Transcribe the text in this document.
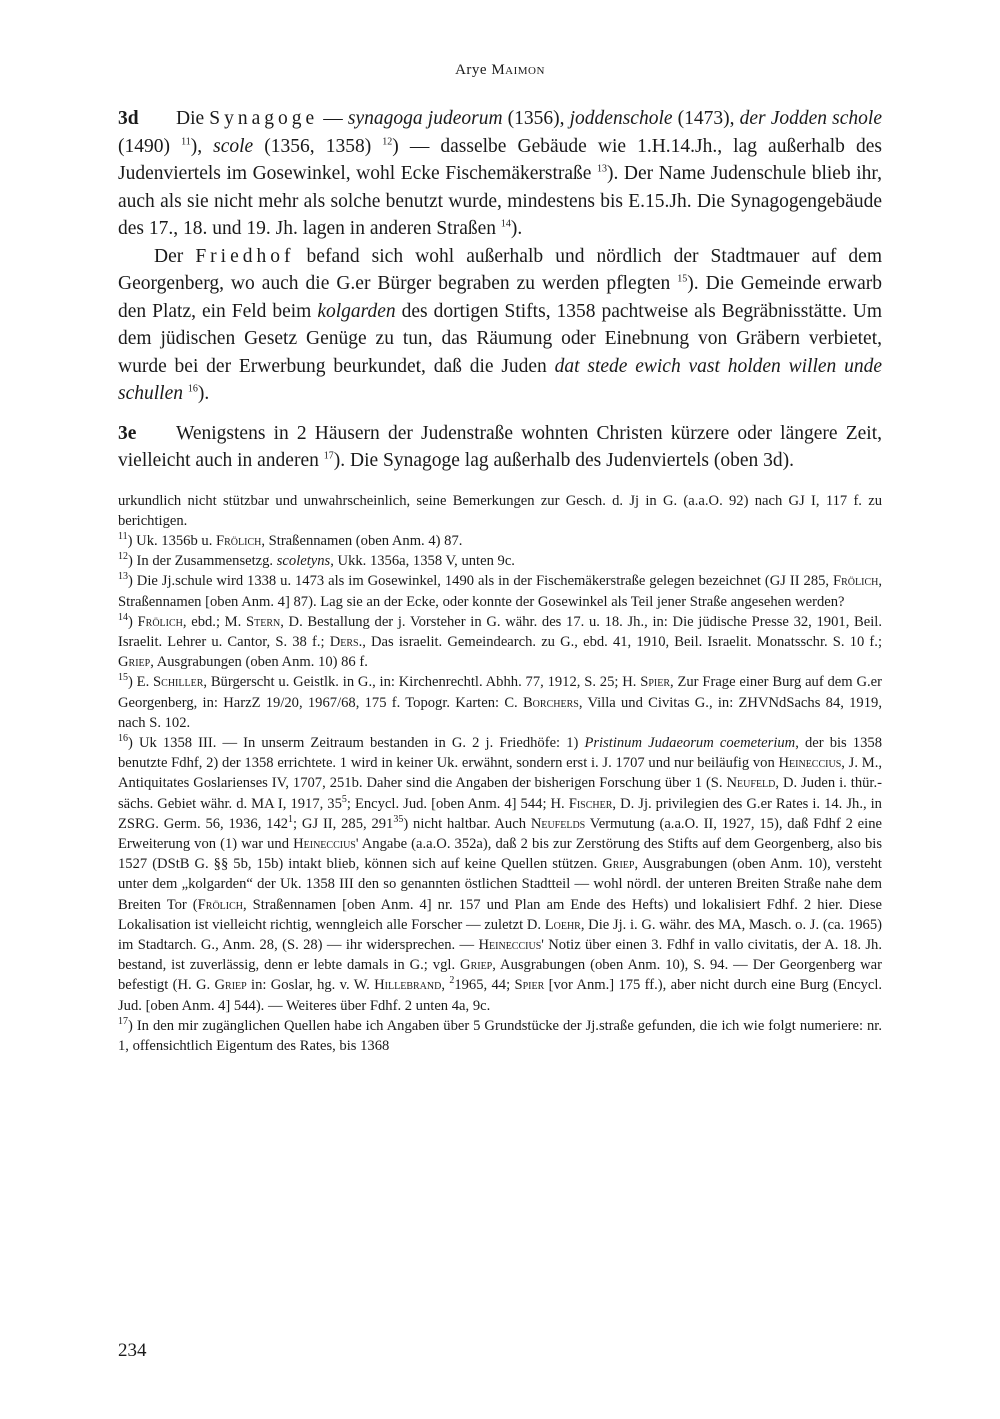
Arye Maimon

3d Die Synagoge — synagoga judeorum (1356), joddenschole (1473), der Jodden schole (1490) $^{11}$), scole (1356, 1358) $^{12}$) — dasselbe Gebäude wie 1.H.14.Jh., lag außerhalb des Judenviertels im Gosewinkel, wohl Ecke Fischemäkerstraße $^{13}$). Der Name Judenschule blieb ihr, auch als sie nicht mehr als solche benutzt wurde, mindestens bis E.15.Jh. Die Synagogengebäude des 17., 18. und 19. Jh. lagen in anderen Straßen $^{14}$).

Der Friedhof befand sich wohl außerhalb und nördlich der Stadtmauer auf dem Georgenberg, wo auch die G.er Bürger begraben zu werden pflegten $^{15}$). Die Gemeinde erwarb den Platz, ein Feld beim kolgarden des dortigen Stifts, 1358 pachtweise als Begräbnisstätte. Um dem jüdischen Gesetz Genüge zu tun, das Räumung oder Einebnung von Gräbern verbietet, wurde bei der Erwerbung beurkundet, daß die Juden dat stede ewich vast holden willen unde schullen $^{16}$).

3e Wenigstens in 2 Häusern der Judenstraße wohnten Christen kürzere oder längere Zeit, vielleicht auch in anderen $^{17}$). Die Synagoge lag außerhalb des Judenviertels (oben 3d).

urkundlich nicht stützbar und unwahrscheinlich, seine Bemerkungen zur Gesch. d. Jj in G. (a.a.O. 92) nach GJ I, 117 f. zu berichtigen.

$^{11}$) Uk. 1356b u. Frölich, Straßennamen (oben Anm. 4) 87.

$^{12}$) In der Zusammensetzg. scoletyns, Ukk. 1356a, 1358 V, unten 9c.

$^{13}$) Die Jj.schule wird 1338 u. 1473 als im Gosewinkel, 1490 als in der Fischemäkerstraße gelegen bezeichnet (GJ II 285, Frölich, Straßennamen [oben Anm. 4] 87). Lag sie an der Ecke, oder konnte der Gosewinkel als Teil jener Straße angesehen werden?

$^{14}$) Frölich, ebd.; M. Stern, D. Bestallung der j. Vorsteher in G. währ. des 17. u. 18. Jh., in: Die jüdische Presse 32, 1901, Beil. Israelit. Lehrer u. Cantor, S. 38 f.; Ders., Das israelit. Gemeindearch. zu G., ebd. 41, 1910, Beil. Israelit. Monatsschr. S. 10 f.; Griep, Ausgrabungen (oben Anm. 10) 86 f.

$^{15}$) E. Schiller, Bürgerscht u. Geistlk. in G., in: Kirchenrechtl. Abhh. 77, 1912, S. 25; H. Spier, Zur Frage einer Burg auf dem G.er Georgenberg, in: HarzZ 19/20, 1967/68, 175 f. Topogr. Karten: C. Borchers, Villa und Civitas G., in: ZHVNdSachs 84, 1919, nach S. 102.

$^{16}$) Uk 1358 III. — In unserm Zeitraum bestanden in G. 2 j. Friedhöfe: 1) Pristinum Judaeorum coemeterium, der bis 1358 benutzte Fdhf, 2) der 1358 errichtete. 1 wird in keiner Uk. erwähnt, sondern erst i. J. 1707 und nur beiläufig von Heineccius, J. M., Antiquitates Goslarienses IV, 1707, 251b. Daher sind die Angaben der bisherigen Forschung über 1 (S. Neufeld, D. Juden i. thür.-sächs. Gebiet währ. d. MA I, 1917, $35^5$; Encycl. Jud. [oben Anm. 4] 544; H. Fischer, D. Jj. privilegien des G.er Rates i. 14. Jh., in ZSRG. Germ. 56, 1936, $142^1$; GJ II, 285, $291^{35}$) nicht haltbar. Auch Neufelds Vermutung (a.a.O. II, 1927, 15), daß Fdhf 2 eine Erweiterung von (1) war und Heineccius' Angabe (a.a.O. 352a), daß 2 bis zur Zerstörung des Stifts auf dem Georgenberg, also bis 1527 (DStB G. §§ 5b, 15b) intakt blieb, können sich auf keine Quellen stützen. Griep, Ausgrabungen (oben Anm. 10), versteht unter dem „kolgarden“ der Uk. 1358 III den so genannten östlichen Stadtteil — wohl nördl. der unteren Breiten Straße nahe dem Breiten Tor (Frölich, Straßennamen [oben Anm. 4] nr. 157 und Plan am Ende des Hefts) und lokalisiert Fdhf. 2 hier. Diese Lokalisation ist vielleicht richtig, wenngleich alle Forscher — zuletzt D. Loehr, Die Jj. i. G. währ. des MA, Masch. o. J. (ca. 1965) im Stadtarch. G., Anm. 28, (S. 28) — ihr widersprechen. — Heineccius' Notiz über einen 3. Fdhf in vallo civitatis, der A. 18. Jh. bestand, ist zuverlässig, denn er lebte damals in G.; vgl. Griep, Ausgrabungen (oben Anm. 10), S. 94. — Der Georgenberg war befestigt (H. G. Griep in: Goslar, hg. v. W. Hillebrand, $^2$1965, 44; Spier [vor Anm.] 175 ff.), aber nicht durch eine Burg (Encycl. Jud. [oben Anm. 4] 544). — Weiteres über Fdhf. 2 unten 4a, 9c.

$^{17}$) In den mir zugänglichen Quellen habe ich Angaben über 5 Grundstücke der Jj.straße gefunden, die ich wie folgt numeriere: nr. 1, offensichtlich Eigentum des Rates, bis 1368

234
